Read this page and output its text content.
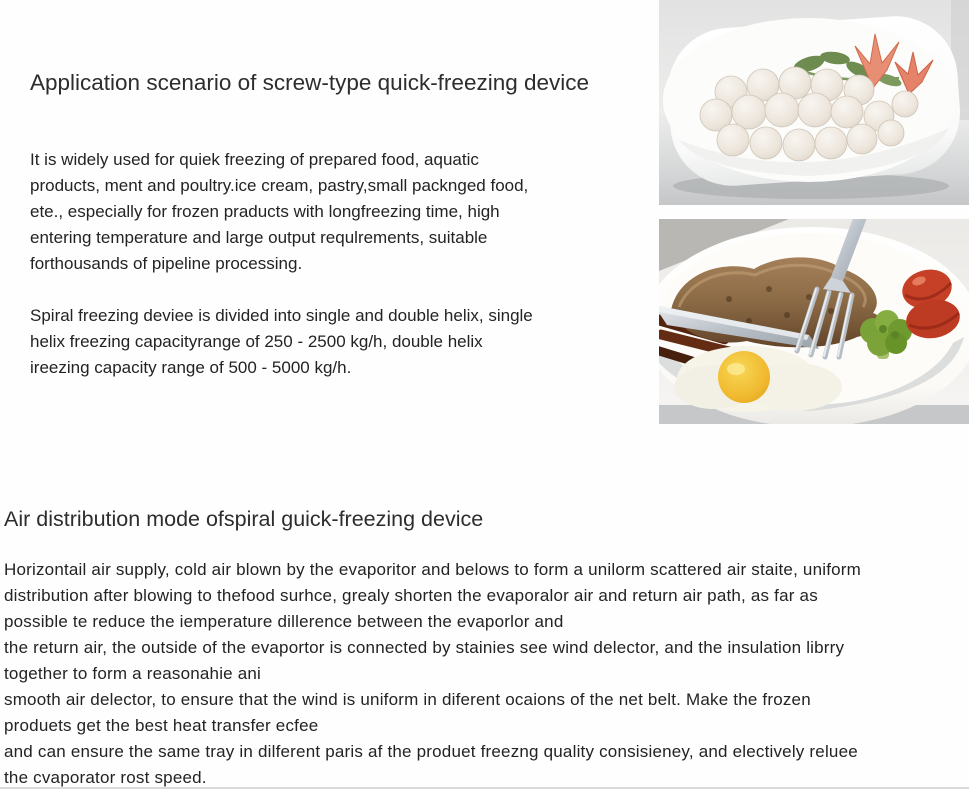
Application scenario of screw-type quick-freezing device
It is widely used for quiek freezing of prepared food, aquatic
products, ment and poultry.ice cream, pastry,small packnged food,
ete., especially for frozen praducts with longfreezing time, high
entering temperature and large output requlrements, suitable
forthousands of pipeline processing.
Spiral freezing deviee is divided into single and double helix, single
helix freezing capacityrange of 250 - 2500 kg/h, double helix
ireezing capacity range of 500 - 5000 kg/h.
Air distribution mode ofspiral guick-freezing device
Horizontail air supply, cold air blown by the evaporitor and belows to form a unilorm scattered air staite, uniform
distribution after blowing to thefood surhce, grealy shorten the evaporalor air and return air path, as far as
possible te reduce the iemperature dillerence between the evaporlor and
the return air, the outside of the evaportor is connected by stainies see wind delector, and the insulation librry
together to form a reasonahie ani
smooth air delector, to ensure that the wind is uniform in diferent ocaions of the net belt. Make the frozen
produets get the best heat transfer ecfee
and can ensure the same tray in dilferent paris af the produet freezng quality consisieney, and electively reluee
the cvaporator rost speed.
